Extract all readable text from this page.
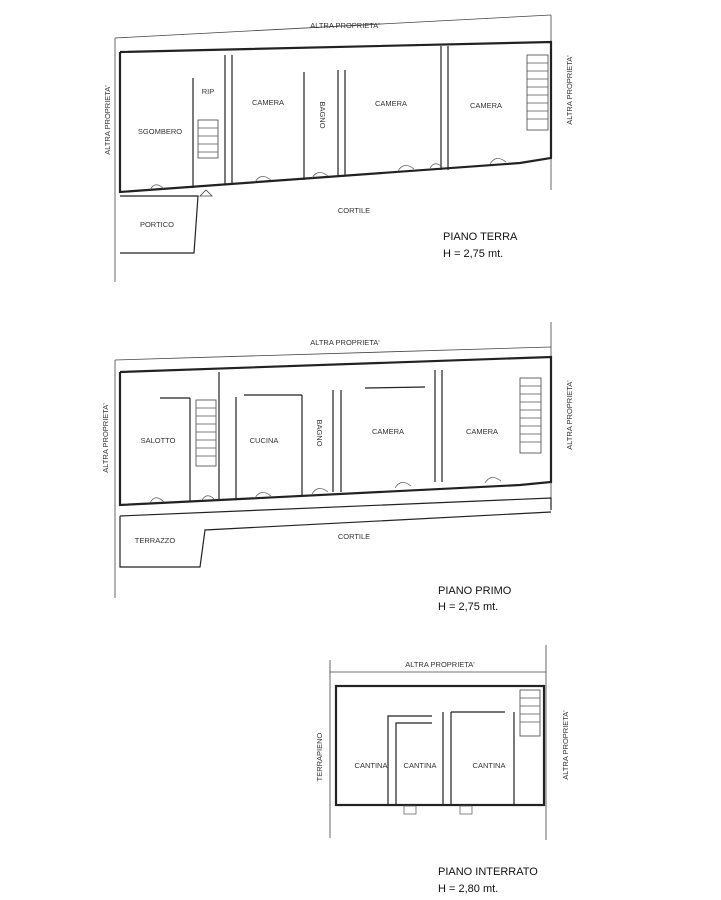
ALTRA PROPRIETA'
ALTRA PROPRIETA'	ALTRA PROPRIETA'
SGOMBERO
RIP
CAMERA	BAGNO	CAMERA	CAMERA
PORTICO
CORTILE
PIANO TERRA
H = 2,75 mt.
ALTRA PROPRIETA'
ALTRA PROPRIETA'	ALTRA PROPRIETA'
SALOTTO	CUCINA	BAGNO	CAMERA	CAMERA
TERRAZZO	CORTILE
PIANO PRIMO
H = 2,75 mt.
ALTRA PROPRIETA'
TERRAPIENO	ALTRA PROPRIETA'
CANTINA CANTINA	CANTINA
PIANO INTERRATO
H = 2,80 mt.
